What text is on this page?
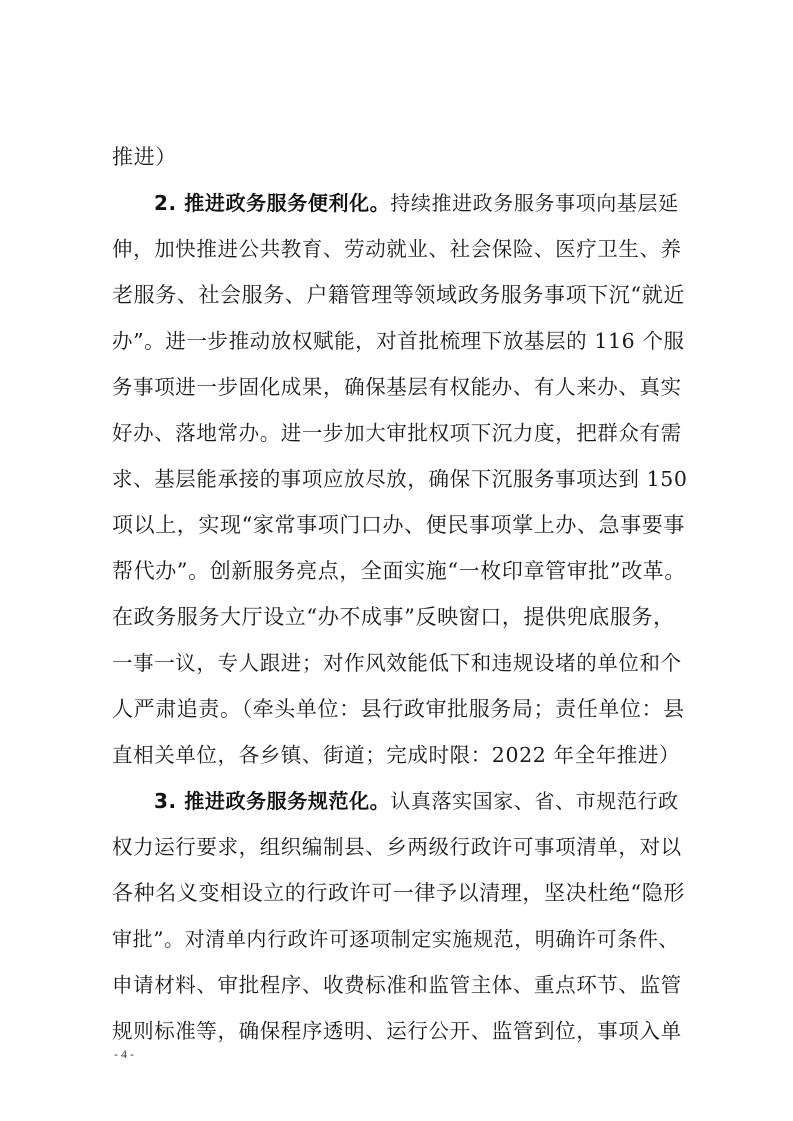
推进）
2. 推进政务服务便利化。持续推进政务服务事项向基层延
伸，加快推进公共教育、劳动就业、社会保险、医疗卫生、养
老服务、社会服务、户籍管理等领域政务服务事项下沉“就近
办”。进一步推动放权赋能，对首批梳理下放基层的 116 个服
务事项进一步固化成果，确保基层有权能办、有人来办、真实
好办、落地常办。进一步加大审批权项下沉力度，把群众有需
求、基层能承接的事项应放尽放，确保下沉服务事项达到 150
项以上，实现“家常事项门口办、便民事项掌上办、急事要事
帮代办”。创新服务亮点，全面实施“一枚印章管审批”改革。
在政务服务大厅设立“办不成事”反映窗口，提供兜底服务，
一事一议，专人跟进；对作风效能低下和违规设堵的单位和个
人严肃追责。（牵头单位：县行政审批服务局；责任单位：县
直相关单位，各乡镇、街道；完成时限：2022 年全年推进）
3. 推进政务服务规范化。认真落实国家、省、市规范行政
权力运行要求，组织编制县、乡两级行政许可事项清单，对以
各种名义变相设立的行政许可一律予以清理，坚决杜绝“隐形
审批”。对清单内行政许可逐项制定实施规范，明确许可条件、
申请材料、审批程序、收费标准和监管主体、重点环节、监管
规则标准等，确保程序透明、运行公开、监管到位，事项入单
- 4 -
